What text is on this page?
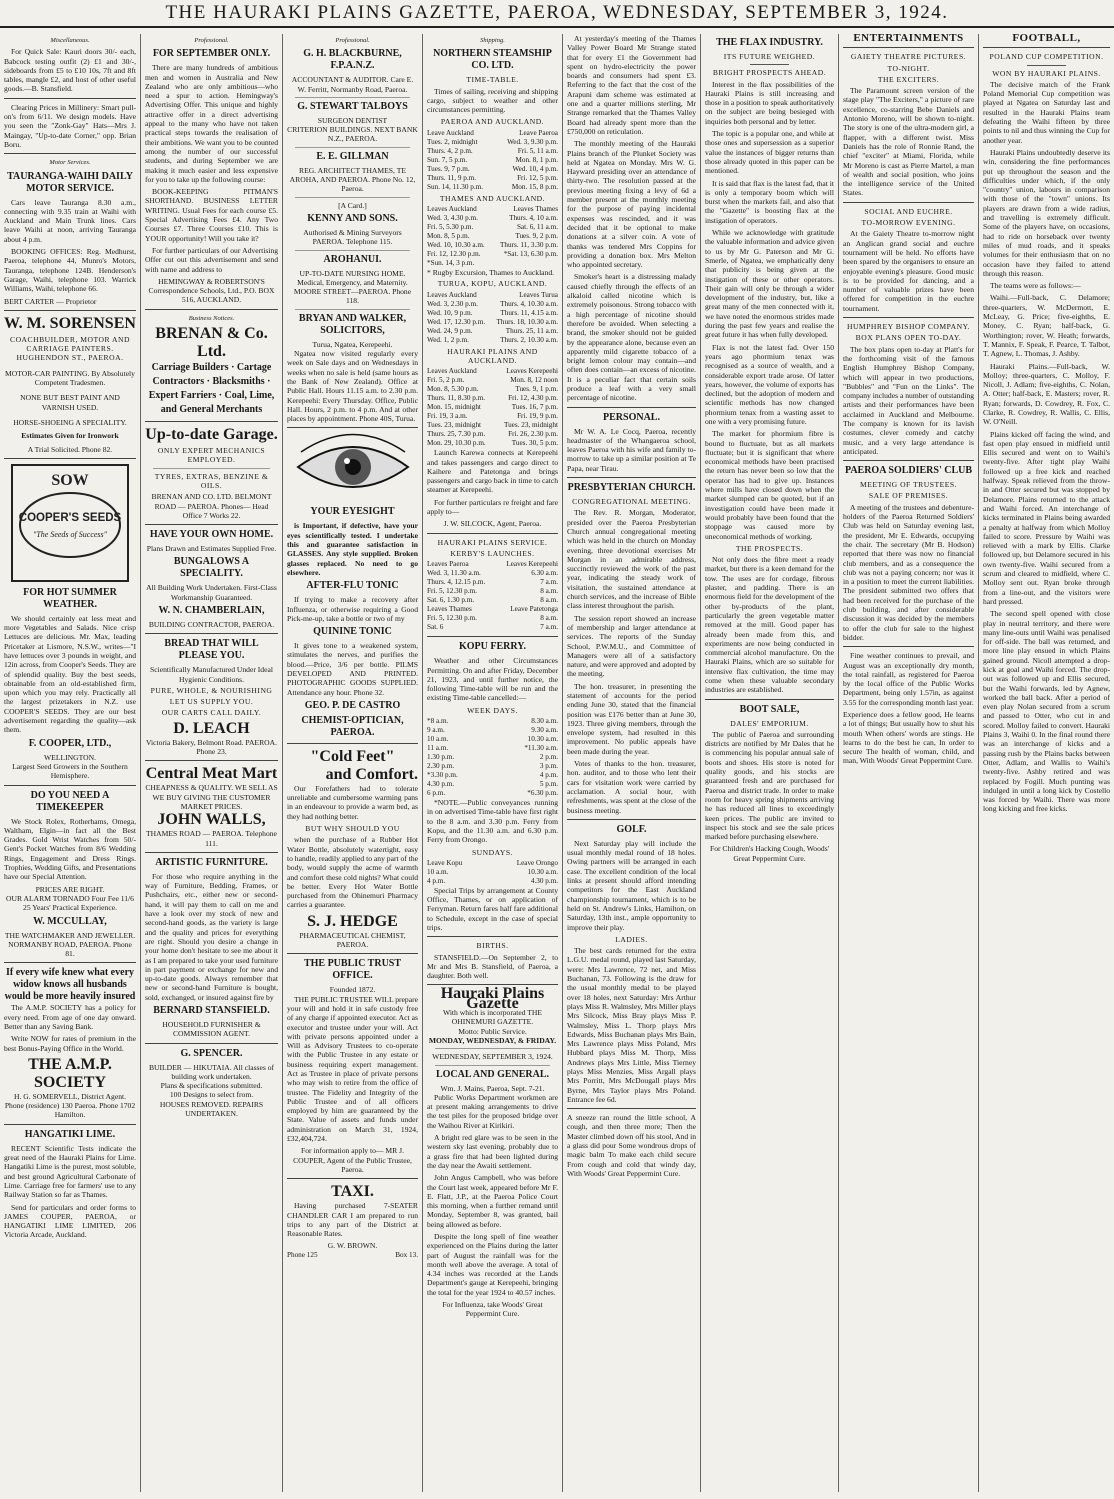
THE HAURAKI PLAINS GAZETTE, PAEROA, WEDNESDAY, SEPTEMBER 3, 1924.
Miscellaneous.

For Quick Sale: Kauri doors 30/- each, Babcock testing outfit (2) £1 and 30/-, sideboards from £5 to £10 10s, 7ft and 8ft tables, mangle £2, and host of other useful goods.—B. Stansfield.

Clearing Prices in Millinery: Smart pull-on's from 6/11. We design models. Have you seen the "Zonk-Gay" Hats—Mrs J. Maingay, "Up-to-date Corner," opp. Brian Boru.

Motor Services.
TAURANGA-WAIHI DAILY MOTOR SERVICE.

Cars leave Tauranga 8.30 a.m., connecting with 9.35 train at Waihi with Auckland and Main Trunk lines. Cars leave Waihi at noon, arriving Tauranga about 4 p.m.

BOOKING OFFICES: Reg. Medhurst, Paeroa, telephone 44, Munro's Motors, Tauranga, telephone 124B. Henderson's Garage, Waihi, telephone 103. Warrick Williams, Waihi, telephone 66.

BERT CARTER — Proprietor
W. M. SORENSEN
COACHBUILDER, MOTOR AND CARRIAGE PAINTERS. HUGHENDON ST., PAEROA.
MOTOR-CAR PAINTING. By Absolutely Competent Tradesmen.
NONE BUT BEST PAINT AND VARNISH USED.
HORSE-SHOEING A SPECIALITY.
Estimates Given for Ironwork
A Trial Solicited. Phone 82.
SOW
COOPER'S SEEDS
"The Seeds of Success"
FOR HOT SUMMER WEATHER.

We should certainly eat less meat and more Vegetables and Salads. Nice crisp Lettuces are delicious. Mr. Max, leading Pricetaker at Lismore, N.S.W., writes—"I have lettuces over 3 pounds in weight, and 12in across, from Cooper's Seeds. They are of splendid quality. Buy the best seeds, obtainable from an old-established firm, upon which you may rely. Practically all the largest prizetakers in N.Z. use COOPER'S SEEDS. They are our best advertisement regarding the quality—ask them.

F. COOPER, LTD.,
WELLINGTON.
Largest Seed Growers in the Southern Hemisphere.
DO YOU NEED A TIMEKEEPER

We Stock Rolex, Rotherhams, Omega, Waltham, Elgin—in fact all the Best Grades. Gold Wrist Watches from 50/- Gent's Pocket Watches from 8/6 Wedding Rings, Engagement and Dress Rings. Trophies, Wedding Gifts, and Presentations have our Special Attention.

PRICES ARE RIGHT.
OUR ALARM TORNADO Four Fee 11/6
25 Years' Practical Experience.
W. MCCULLAY,
THE WATCHMAKER AND JEWELLER.
NORMANBY ROAD, PAEROA. Phone 81.
If every wife knew what every widow knows all husbands would be more heavily insured

The A.M.P. SOCIETY has a policy for every need. From age of one day onward. Better than any Saving Bank.

Write NOW for rates of premium in the best Bonus-Paying Office in the World.

THE A.M.P. SOCIETY
H. G. SOMERVELL, District Agent.
Phone (residence) 130 Paeroa. Phone 1702 Hamilton.
HANGATIKI LIME.

RECENT Scientific Tests indicate the great need of the Hauraki Plains for Lime. Hangatiki Lime is the purest, most soluble, and best ground Agricultural Carbonate of Lime. Carriage free for farmers' use to any Railway Station so far as Thames.

Send for particulars and order forms to JAMES COUPER, PAEROA, or HANGATIKI LIME LIMITED, 206 Victoria Arcade, Auckland.

Professional.
FOR SEPTEMBER ONLY.

There are many hundreds of ambitious men and women in Australia and New Zealand who are only ambitious—who need a spur to action. Hemingway's Advertising Offer. This unique and highly attractive offer in a direct advertising appeal to the many who have not taken practical steps towards the realisation of their ambitions. We want you to be counted among the number of our successful students, and during September we are making it much easier and less expensive for you to take up the following course:

BOOK-KEEPING PITMAN'S SHORTHAND. BUSINESS LETTER WRITING. Usual Fees for each course £5. Special Advertising Fees £4. Any Two Courses £7. Three Courses £10. This is YOUR opportunity! Will you take it?

For further particulars of our Advertising Offer cut out this advertisement and send with name and address to

HEMINGWAY & ROBERTSON'S Correspondence Schools, Ltd., P.O. BOX 516, AUCKLAND.
Business Notices.
BRENAN & Co. Ltd.
Carriage Builders · Cartage Contractors · Blacksmiths · Expert Farriers · Coal, Lime, and General Merchants
Up-to-date Garage.
ONLY EXPERT MECHANICS EMPLOYED.
TYRES, EXTRAS, BENZINE & OILS.
BRENAN AND CO. LTD. BELMONT ROAD — PAEROA. Phones— Head Office 7 Works 22.
HAVE YOUR OWN HOME.
Plans Drawn and Estimates Supplied Free.
BUNGALOWS A SPECIALITY.
All Building Work Undertaken. First-Class Workmanship Guaranteed.
W. N. CHAMBERLAIN,
BUILDING CONTRACTOR, PAEROA.
BREAD THAT WILL PLEASE YOU.
Scientifically Manufactured Under Ideal Hygienic Conditions.
PURE, WHOLE, & NOURISHING
LET US SUPPLY YOU.
OUR CARTS CALL DAILY.
D. LEACH
Victoria Bakery, Belmont Road. PAEROA. Phone 23.
Central Meat Mart
CHEAPNESS & QUALITY. WE SELL AS WE BUY GIVING THE CUSTOMER MARKET PRICES.
JOHN WALLS,
THAMES ROAD — PAEROA. Telephone 111.
ARTISTIC FURNITURE.

For those who require anything in the way of Furniture, Bedding, Frames, or Pushchairs, etc., either new or second-hand, it will pay them to call on me and have a look over my stock of new and second-hand goods, as the variety is large and the quality and prices for everything are right. Should you desire a change in your home don't hesitate to see me about it as I am prepared to take your used furniture in part payment or exchange for new and up-to-date goods. Always remember that new or second-hand Furniture is bought, sold, exchanged, or insured against fire by

BERNARD STANSFIELD.
HOUSEHOLD FURNISHER & COMMISSION AGENT.
G. SPENCER.
BUILDER — HIKUTAIA. All classes of building work undertaken.
Plans & specifications submitted.
100 Designs to select from.
HOUSES REMOVED. REPAIRS UNDERTAKEN.
Professional.
G. H. BLACKBURNE, F.P.A.N.Z.
ACCOUNTANT & AUDITOR. Care E. W. Ferritt, Normanby Road, Paeroa.
G. STEWART TALBOYS
SURGEON DENTIST
CRITERION BUILDINGS. NEXT BANK N.Z., PAEROA.
E. E. GILLMAN
REG. ARCHITECT THAMES, TE AROHA, AND PAEROA. Phone No. 12, Paeroa.
[A Card.]
KENNY AND SONS.
Authorised & Mining Surveyors PAEROA. Telephone 115.
AROHANUI.
UP-TO-DATE NURSING HOME. Medical, Emergency, and Maternity. MOORE STREET—PAEROA. Phone 118.
BRYAN AND WALKER, SOLICITORS,
Turua, Ngatea, Kerepeehi.

Ngatea now visited regularly every week on Sale days and on Wednesdays in weeks when no sale is held (same hours as the Bank of New Zealand). Office at Public Hall. Hours 11.15 a.m. to 2.30 p.m. Kerepeehi: Every Thursday. Office, Public Hall. Hours, 2 p.m. to 4 p.m. And at other places by appointment. Phone 40S, Turua.

YOUR EYESIGHT

is Important, if defective, have your eyes scientifically tested. I undertake this and guarantee satisfaction in GLASSES. Any style supplied. Broken glasses replaced. No need to go elsewhere.

AFTER-FLU TONIC

If trying to make a recovery after Influenza, or otherwise requiring a Good Pick-me-up, take a bottle or two of my

QUININE TONIC

It gives tone to a weakened system, stimulates the nerves, and purifies the blood.—Price, 3/6 per bottle. PILMS DEVELOPED AND PRINTED. PHOTOGRAPHIC GOODS SUPPLIED. Attendance any hour. Phone 32.

GEO. P. DE CASTRO
CHEMIST-OPTICIAN, PAEROA.
"Cold Feet"
and Comfort.

Our Forefathers had to tolerate unreliable and cumbersome warming pans in an endeavour to provide a warm bed, as they had nothing better.

BUT WHY SHOULD YOU

when the purchase of a Rubber Hot Water Bottle, absolutely watertight, easy to handle, readily applied to any part of the body, would supply the acme of warmth and comfort these cold nights? What could be better. Every Hot Water Bottle purchased from the Ohinemuri Pharmacy carries a guarantee.

S. J. HEDGE
PHARMACEUTICAL CHEMIST, PAEROA.
THE PUBLIC TRUST OFFICE.
Founded 1872.

THE PUBLIC TRUSTEE WILL prepare your will and hold it in safe custody free of any charge if appointed executor. Act as executor and trustee under your will. Act with private persons appointed under a Will as Advisory Trustees to co-operate with the Public Trustee in any estate or business requiring expert management. Act as Trustee in place of private persons who may wish to retire from the office of trustee. The Fidelity and Integrity of the Public Trustee and of all officers employed by him are guaranteed by the State. Value of assets and funds under administration on March 31, 1924, £32,404,724.

For information apply to— MR J. COUPER, Agent of the Public Trustee, Paeroa.
TAXI.

Having purchased 7-SEATER CHANDLER CAR I am prepared to run trips to any part of the District at Reasonable Rates.

G. W. BROWN.
Phone 125	Box 13.
Shipping.
NORTHERN STEAMSHIP CO. LTD.
TIME-TABLE.

Times of sailing, receiving and shipping cargo, subject to weather and other circumstances permitting.

PAEROA AND AUCKLAND.
Leave Auckland	Leave Paeroa
Tues. 2, midnight	Wed. 3, 9.30 p.m.
Thurs. 4, 2 p.m.	Fri. 5, 11 a.m.
Sun. 7, 5 p.m.	Mon. 8, 1 p.m.
Tues. 9, 7 p.m.	Wed. 10, 4 p.m.
Thurs. 11, 9 p.m.	Fri. 12, 5 p.m.
Sun. 14, 11.30 p.m.	Mon. 15, 8 p.m.
THAMES AND AUCKLAND.
Leaves Auckland	Leaves Thames
Wed. 3, 4.30 p.m.	Thurs. 4, 10 a.m.
Fri. 5, 5.30 p.m.	Sat. 6, 11 a.m.
Mon. 8, 5 p.m.	Tues. 9, 2 p.m.
Wed. 10, 10.30 a.m. Thurs. 11, 3.30 p.m.
Fri. 12, 12.30 p.m.	*Sat. 13, 6.30 p.m.
*Sun. 14, 3 p.m.
* Rugby Excursion, Thames to Auckland.
TURUA, KOPU, AUCKLAND.
Leaves Auckland	Leaves Turua
Wed. 3, 2.30 p.m.	Thurs. 4, 10.30 a.m.
Wed. 10, 9 p.m.	Thurs. 11, 4.15 a.m.
Wed. 17, 12.30 p.m. Thurs. 18, 10.30 a.m.
Wed. 24, 9 p.m.	Thurs. 25, 11 a.m.
Wed. 1, 2 p.m.	Thurs. 2, 10.30 a.m.
HAURAKI PLAINS AND AUCKLAND.
Leaves Auckland	Leaves Kerepeehi
Fri. 5, 2 p.m.	Mon. 8, 12 noon
Mon. 8, 5.30 p.m.	Tues. 9, 1 p.m.
Thurs. 11, 8.30 p.m.	Fri. 12, 4.30 p.m.
Mon. 15, midnight	Tues. 16, 7 p.m.
Fri. 19, 3 a.m.	Fri. 19, 9 p.m.
Tues. 23, midnight	Tues. 23, midnight
Thurs. 25, 7.30 p.m.	Fri. 26, 2.30 p.m.
Mon. 29, 10.30 p.m.	Tues. 30, 5 p.m.

Launch Karewa connects at Kerepeehi and takes passengers and cargo direct to Kaihere and Patetonga and brings passengers and cargo back in time to catch steamer at Kerepeehi.

For further particulars re freight and fare apply to—

J. W. SILCOCK, Agent, Paeroa.
HAURAKI PLAINS SERVICE.
KERBY'S LAUNCHES.
Leaves Paeroa	Leaves Kerepeehi
Wed. 3, 11.30 a.m.	6.30 a.m.
Thurs. 4, 12.15 p.m.	7 a.m.
Fri. 5, 12.30 p.m.	8 a.m.
Sat. 6, 1.30 p.m.	8 a.m.
Leaves Thames	Leave Patetonga
Fri. 5, 12.30 p.m.	8 a.m.
Sat. 6	7 a.m.
KOPU FERRY.

Weather and other Circumstances Permitting. On and after Friday, December 21, 1923, and until further notice, the following Time-table will be run and the existing Time-table cancelled:—

WEEK DAYS.
*8 a.m.	8.30 a.m.
9 a.m.	9.30 a.m.
10 a.m.	10.30 a.m.
11 a.m.	*11.30 a.m.
1.30 p.m.	2 p.m.
2.30 p.m.	3 p.m.
*3.30 p.m.	4 p.m.
4.30 p.m.	5 p.m.
6 p.m.	*6.30 p.m.

*NOTE.—Public conveyances running in on advertised Time-table have first right to the 8 a.m. and 3.30 p.m. Ferry from Kopu, and the 11.30 a.m. and 6.30 p.m. Ferry from Orongo.

SUNDAYS.
Leave Kopu	Leave Orongo
10 a.m.	10.30 a.m.
4 p.m.	4.30 p.m.

Special Trips by arrangement at County Office, Thames, or on application of Ferryman. Return fares half fare additional to Schedule, except in the case of special trips.

BIRTHS.

STANSFIELD.—On September 2, to Mr and Mrs B. Stansfield, of Paeroa, a daughter. Both well.

Hauraki Plains Gazette
With which is incorporated THE OHINEMURI GAZETTE.
Motto: Public Service.
MONDAY, WEDNESDAY, & FRIDAY.
WEDNESDAY, SEPTEMBER 3, 1924.
LOCAL AND GENERAL.
Wm. J. Mains, Paeroa, Sept. 7-21.

Public Works Department workmen are at present making arrangements to drive the test piles for the proposed bridge over the Waihou River at Kirikiri.

A bright red glare was to be seen in the western sky last evening, probably due to a grass fire that had been lighted during the day near the Awaiti settlement.

John Angus Campbell, who was before the Court last week, appeared before Mr F. E. Flatt, J.P., at the Paeroa Police Court this morning, when a further remand until Monday, September 8, was granted, bail being allowed as before.

Despite the long spell of fine weather experienced on the Plains during the latter part of August the rainfall was for the month well above the average. A total of 4.34 inches was recorded at the Lands Department's gauge at Kerepeehi, bringing the total for the year 1924 to 40.57 inches.

For Influenza, take Woods' Great Peppermint Cure.

At yesterday's meeting of the Thames Valley Power Board Mr Strange stated that for every £1 the Government had spent on hydro-electricity the power boards and consumers had spent £3. Referring to the fact that the cost of the Arapuni dam scheme was estimated at one and a quarter millions sterling, Mr Strange remarked that the Thames Valley Board had already spent more than the £750,000 on reticulation.

The monthly meeting of the Hauraki Plains branch of the Plunket Society was held at Ngatea on Monday. Mrs W. G. Hayward presiding over an attendance of thirty-two. The resolution passed at the previous meeting fixing a levy of 6d a member present at the monthly meeting for the purpose of paying incidental expenses was rescinded, and it was decided that it be optional to make donations at a silver coin. A vote of thanks was tendered Mrs Coppins for providing a donation box. Mrs Melton who appointed secretary.

Smoker's heart is a distressing malady caused chiefly through the effects of an alkaloid called nicotine which is extremely poisonous. Strong tobacco with a high percentage of nicotine should therefore be avoided. When selecting a brand, the smoker should not be guided by the appearance alone, because even an apparently mild cigarette tobacco of a bright lemon colour may contain—and often does contain—an excess of nicotine. It is a peculiar fact that certain soils produce a leaf with a very small percentage of nicotine.

PERSONAL.

Mr W. A. Le Cocq, Paeroa, recently headmaster of the Whangaeroa school, leaves Paeroa with his wife and family to-morrow to take up a similar position at Te Papa, near Tirau.

PRESBYTERIAN CHURCH.
CONGREGATIONAL MEETING.

The Rev. R. Morgan, Moderator, presided over the Paeroa Presbyterian Church annual congregational meeting which was held in the church on Monday evening, three devotional exercises Mr Morgan in an admirable address, succinctly reviewed the work of the past year, indicating the steady work of visitation, the sustained attendance at church services, and the increase of Bible class interest throughout the parish.

The session report showed an increase of membership and larger attendance at services. The reports of the Sunday School, P.W.M.U., and Committee of Managers were all of a satisfactory nature, and were approved and adopted by the meeting.

The hon. treasurer, in presenting the statement of accounts for the period ending June 30, stated that the financial position was £176 better than at June 30, 1923. Three giving members, through the envelope system, had resulted in this improvement. No public appeals have been made during the year.

Votes of thanks to the hon. treasurer, hon. auditor, and to those who lent their cars for visitation work were carried by acclamation. A social hour, with refreshments, was spent at the close of the business meeting.

GOLF.

Next Saturday play will include the usual monthly medal round of 18 holes. Owing partners will be arranged in each case. The excellent condition of the local links at present should afford intending competitors for the East Auckland championship tournament, which is to be held on St. Andrew's Links, Hamilton, on Saturday, 13th inst., ample opportunity to improve their play.

LADIES.

The best cards returned for the extra L.G.U. medal round, played last Saturday, were: Mrs Lawrence, 72 net, and Miss Buchanan, 73. Following is the draw for the usual monthly medal to be played over 18 holes, next Saturday: Mrs Arthur plays Miss R. Walmsley, Mrs Miller plays Mrs Silcock, Miss Bray plays Miss P. Walmsley, Miss L. Thorp plays Mrs Edwards, Miss Buchanan plays Mrs Bain, Mrs Lawrence plays Miss Poland, Mrs Hubbard plays Miss M. Thorp, Miss Andrews plays Mrs Little, Miss Tierney plays Miss Menzies, Miss Argall plays Mrs Porritt, Mrs McDougall plays Mrs Byrne, Mrs Taylor plays Mrs Poland. Entrance fee 6d.

A sneeze ran round the little school, A cough, and then three more; Then the Master climbed down off his stool, And in a glass did pour Some wondrous drops of magic balm To make each child secure From cough and cold that windy day, With Woods' Great Peppermint Cure.

THE FLAX INDUSTRY.
ITS FUTURE WEIGHED.
BRIGHT PROSPECTS AHEAD.

Interest in the flax possibilities of the Hauraki Plains is still increasing and those in a position to speak authoritatively on the subject are being besieged with inquiries both personal and by letter.

The topic is a popular one, and while at those ones and supersession as a superior value the instances of bigger returns than those already quoted in this paper can be mentioned.

It is said that flax is the latest fad, that it is only a temporary boom which will burst when the markets fail, and also that the "Gazette" is boosting flax at the instigation of operators.

While we acknowledge with gratitude the valuable information and advice given to us by Mr G. Paterson and Mr G. Smerle, of Ngatea, we emphatically deny that publicity is being given at the instigation of these or other operators. Their gain will only be through a wider development of the industry, but, like a great many of the men connected with it, we have noted the enormous strides made during the past few years and realise the great future it has when fully developed.

Flax is not the latest fad. Over 150 years ago phormium tenax was recognised as a source of wealth, and a considerable export trade arose. Of latter years, however, the volume of exports has declined, but the adoption of modern and scientific methods has now changed phormium tenax from a wasting asset to one with a very promising future.

The market for phormium fibre is bound to fluctuate, but as all markets fluctuate; but it is significant that where economical methods have been practised the return has never been so low that the operator has had to give up. Instances where mills have closed down when the market slumped can be quoted, but if an investigation could have been made it would probably have been found that the stoppage was caused more by uneconomical methods of working.

THE PROSPECTS.

Not only does the fibre meet a ready market, but there is a keen demand for the tow. The uses are for cordage, fibrous plaster, and padding. There is an enormous field for the development of the other by-products of the plant, particularly the green vegetable matter removed at the mill. Good paper has already been made from this, and experiments are now being conducted in commercial alcohol manufacture. On the Hauraki Plains, which are so suitable for intensive flax cultivation, the time may come when these valuable secondary industries are established.

BOOT SALE,
DALES' EMPORIUM.

The public of Paeroa and surrounding districts are notified by Mr Dales that he is commencing his popular annual sale of boots and shoes. His store is noted for quality goods, and his stocks are guaranteed fresh and are purchased for Paeroa and district trade. In order to make room for heavy spring shipments arriving he has reduced all lines to exceedingly keen prices. The public are invited to inspect his stock and see the sale prices marked before purchasing elsewhere.

For Children's Hacking Cough, Woods' Great Peppermint Cure.
ENTERTAINMENTS
GAIETY THEATRE PICTURES.
TO-NIGHT.
THE EXCITERS.

The Paramount screen version of the stage play "The Exciters," a picture of rare excellence, co-starring Bebe Daniels and Antonio Moreno, will be shown to-night. The story is one of the ultra-modern girl, a flapper, with a different twist. Miss Daniels has the role of Ronnie Rand, the chief "exciter" at Miami, Florida, while Mr Moreno is cast as Pierre Martel, a man of wealth and social position, who joins the intelligence service of the United States.

SOCIAL AND EUCHRE.
TO-MORROW EVENING.

At the Gaiety Theatre to-morrow night an Anglican grand social and euchre tournament will be held. No efforts have been spared by the organisers to ensure an enjoyable evening's pleasure. Good music is to be provided for dancing, and a number of valuable prizes have been offered for competition in the euchre tournament.

HUMPHREY BISHOP COMPANY.
BOX PLANS OPEN TO-DAY.

The box plans open to-day at Platt's for the forthcoming visit of the famous English Humphrey Bishop Company, which will appear in two productions, "Bubbles" and "Fun on the Links". The company includes a number of outstanding artists and their performances have been acclaimed in Auckland and Melbourne. The company is known for its lavish costumes, clever comedy and catchy music, and a very large attendance is anticipated.

PAEROA SOLDIERS' CLUB
MEETING OF TRUSTEES.
SALE OF PREMISES.

A meeting of the trustees and debenture-holders of the Paeroa Returned Soldiers' Club was held on Saturday evening last, the president, Mr E. Edwards, occupying the chair. The secretary (Mr B. Hodson) reported that there was now no financial club members, and as a consequence the club was not a paying concern; nor was it in a position to meet the current liabilities. The president submitted two offers that had been received for the purchase of the club building, and after considerable discussion it was decided by the members to offer the club for sale to the highest bidder.

Fine weather continues to prevail, and August was an exceptionally dry month, the total rainfall, as registered for Paeroa by the local office of the Public Works Department, being only 1.57in, as against 3.55 for the corresponding month last year.

Experience does a fellow good, He learns a lot of things; But usually how to shut his mouth When others' words are stings. He learns to do the best he can, In order to secure The health of woman, child, and man, With Woods' Great Peppermint Cure.

FOOTBALL,
POLAND CUP COMPETITION.
WON BY HAURAKI PLAINS.

The decisive match of the Frank Poland Memorial Cup competition was played at Ngatea on Saturday last and resulted in the Hauraki Plains team defeating the Waihi fifteen by three points to nil and thus winning the Cup for another year.

Hauraki Plains undoubtedly deserve its win, considering the fine performances put up throughout the season and the difficulties under which, if the only "country" union, labours in comparison with those of the "town" unions. Its players are drawn from a wide radius, and travelling is extremely difficult. Some of the players have, on occasions, had to ride on horseback over twenty miles of mud roads, and it speaks volumes for their enthusiasm that on no occasion have they failed to attend through this reason.

The teams were as follows:—

Waihi.—Full-back, C. Delamore; three-quarters, W. McDermott, E. McLeay, G. Price; five-eighths, E. Money, C. Ryan; half-back, G. Worthington; rover, W. Heath; forwards, T. Mannix, F. Speak, F. Pearce, T. Talbot, T. Agnew, L. Thomas, J. Ashby.

Hauraki Plains.—Full-back, W. Molloy; three-quarters, C. Molloy, F. Nicoll, J. Adlam; five-eighths, C. Nolan, A. Otter; half-back, E. Masters; rover, R. Ryan; forwards, D. Cowdrey, R. Fox, C. Clarke, R. Cowdrey, R. Wallis, C. Ellis, W. O'Neill.

Plains kicked off facing the wind, and fast open play ensued in midfield until Ellis secured and went on to Waihi's twenty-five. After tight play Waihi followed up a free kick and reached halfway. Speak relieved from the throw-in and Otter secured but was stopped by Delamore. Plains returned to the attack and Waihi forced. An interchange of kicks terminated in Plains being awarded a penalty at halfway from which Molloy failed to score. Pressure by Waihi was relieved with a mark by Ellis. Clarke followed up, but Delamore secured in his own twenty-five. Waihi secured from a scrum and cleared to midfield, where C. Molloy sent out. Ryan broke through from a line-out, and the visitors were hard pressed.

The second spell opened with close play in neutral territory, and there were many line-outs until Waihi was penalised for off-side. The ball was returned, and more line play ensued in which Plains gained ground. Nicoll attempted a drop-kick at goal and Waihi forced. The drop-out was followed up and Ellis secured, but the Waihi forwards, led by Agnew, worked the ball back. After a period of even play Nolan secured from a scrum and passed to Otter, who cut in and scored. Molloy failed to convert. Hauraki Plains 3, Waihi 0. In the final round there was an interchange of kicks and a passing rush by the Plains backs between Otter, Adlam, and Wallis to Waihi's twenty-five. Ashby retired and was replaced by Fogill. Much punting was indulged in until a long kick by Costello was forced by Waihi. There was more long kicking and free kicks.
